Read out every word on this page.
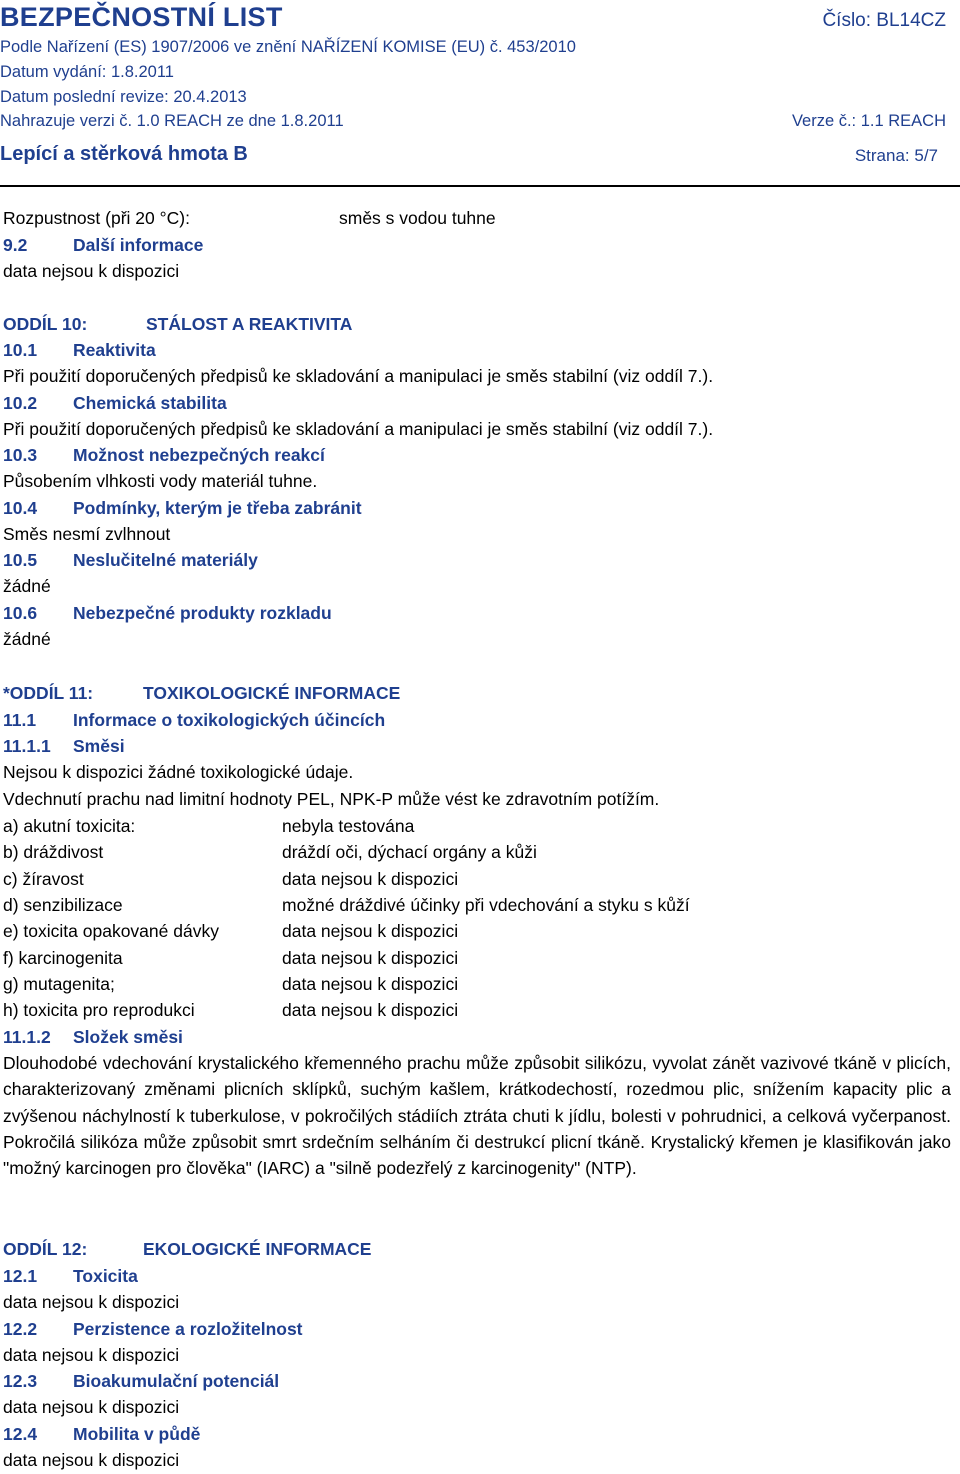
BEZPEČNOSTNÍ LIST	Číslo: BL14CZ
Podle Nařízení (ES) 1907/2006 ve znění NAŘÍZENÍ KOMISE (EU) č. 453/2010
Datum vydání: 1.8.2011
Datum poslední revize: 20.4.2013
Nahrazuje verzi č. 1.0 REACH ze dne 1.8.2011	Verze č.: 1.1 REACH
Lepící a stěrková hmota B	Strana: 5/7
Rozpustnost (při 20 °C):	směs s vodou tuhne
9.2	Další informace
data nejsou k dispozici
ODDÍL 10:	STÁLOST A REAKTIVITA
10.1 Reaktivita
Při použití doporučených předpisů ke skladování a manipulaci je směs stabilní (viz oddíl 7.).
10.2 Chemická stabilita
Při použití doporučených předpisů ke skladování a manipulaci je směs stabilní (viz oddíl 7.).
10.3 Možnost nebezpečných reakcí
Působením vlhkosti vody materiál tuhne.
10.4 Podmínky, kterým je třeba zabránit
Směs nesmí zvlhnout
10.5 Neslučitelné materiály
žádné
10.6 Nebezpečné produkty rozkladu
žádné
*ODDÍL 11:	TOXIKOLOGICKÉ INFORMACE
11.1 Informace o toxikologických účincích
11.1.1 Směsi
Nejsou k dispozici žádné toxikologické údaje.
Vdechnutí prachu nad limitní hodnoty PEL, NPK-P může vést ke zdravotním potížím.
a) akutní toxicita:	nebyla testována
b) dráždivost	dráždí oči, dýchací orgány a kůži
c) žíravost	data nejsou k dispozici
d) senzibilizace	možné dráždivé účinky při vdechování a styku s kůží
e) toxicita opakované dávky	data nejsou k dispozici
f) karcinogenita	data nejsou k dispozici
g) mutagenita;	data nejsou k dispozici
h) toxicita pro reprodukci	data nejsou k dispozici
11.1.2 Složek směsi
Dlouhodobé vdechování krystalického křemenného prachu může způsobit silikózu, vyvolat zánět vazivové tkáně v plicích, charakterizovaný změnami plicních sklípků, suchým kašlem, krátkodechostí, rozedmou plic, snížením kapacity plic a zvýšenou náchylností k tuberkulose, v pokročilých stádiích ztráta chuti k jídlu, bolesti v pohrudnici, a celková vyčerpanost. Pokročilá silikóza může způsobit smrt srdečním selháním či destrukcí plicní tkáně. Krystalický křemen je klasifikován jako "možný karcinogen pro člověka" (IARC) a "silně podezřelý z karcinogenity" (NTP).
ODDÍL 12:	EKOLOGICKÉ INFORMACE
12.1 Toxicita
data nejsou k dispozici
12.2 Perzistence a rozložitelnost
data nejsou k dispozici
12.3 Bioakumulační potenciál
data nejsou k dispozici
12.4 Mobilita v půdě
data nejsou k dispozici
